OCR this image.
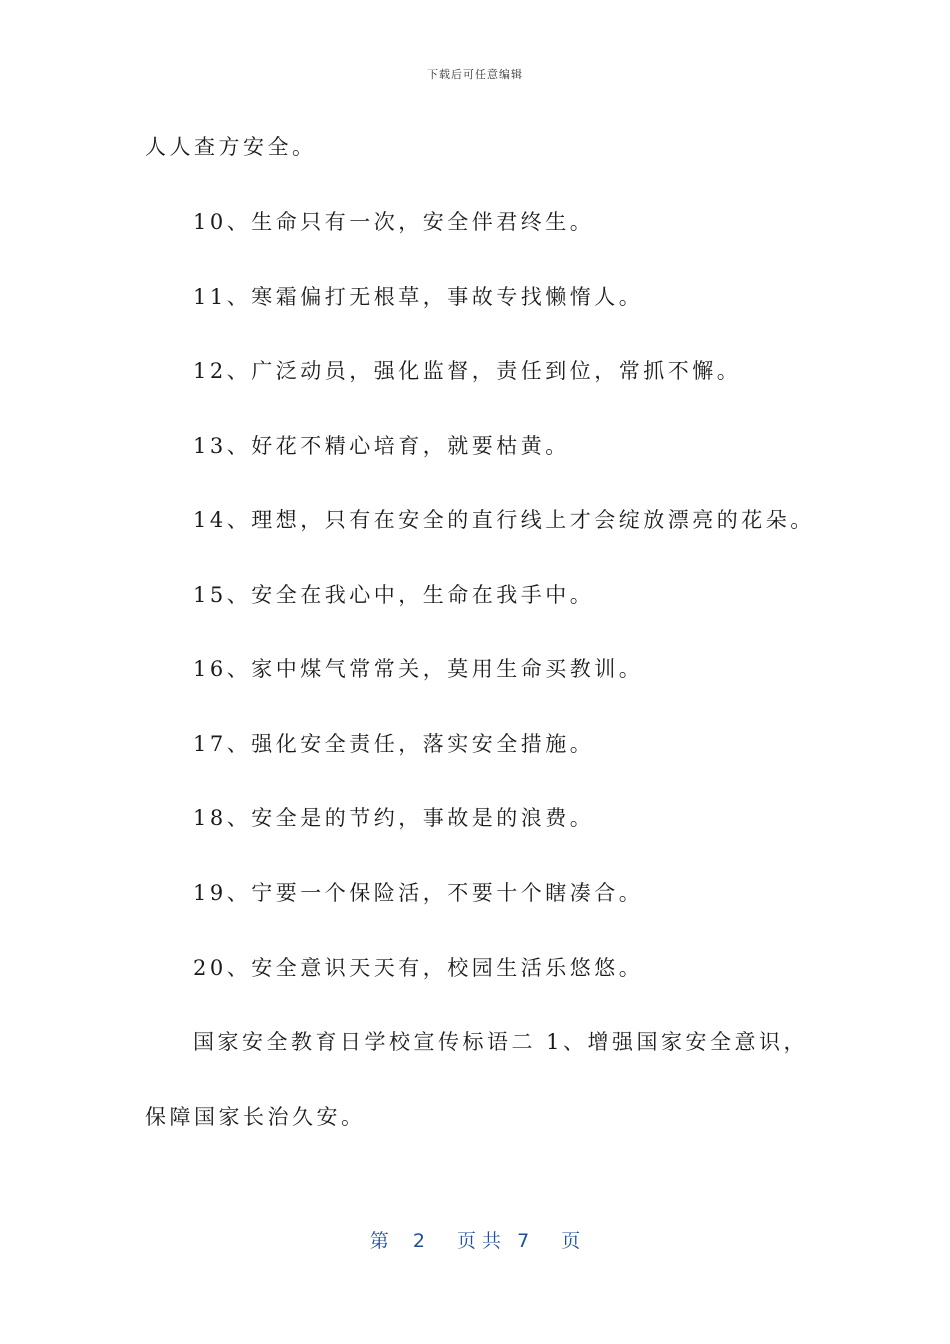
下载后可任意编辑
人人查方安全。
10、生命只有一次，安全伴君终生。
11、寒霜偏打无根草，事故专找懒惰人。
12、广泛动员，强化监督，责任到位，常抓不懈。
13、好花不精心培育，就要枯黄。
14、理想，只有在安全的直行线上才会绽放漂亮的花朵。
15、安全在我心中，生命在我手中。
16、家中煤气常常关，莫用生命买教训。
17、强化安全责任，落实安全措施。
18、安全是的节约，事故是的浪费。
19、宁要一个保险活，不要十个瞎凑合。
20、安全意识天天有，校园生活乐悠悠。
国家安全教育日学校宣传标语二 1、增强国家安全意识，
保障国家长治久安。
第 2 页 共 7 页
